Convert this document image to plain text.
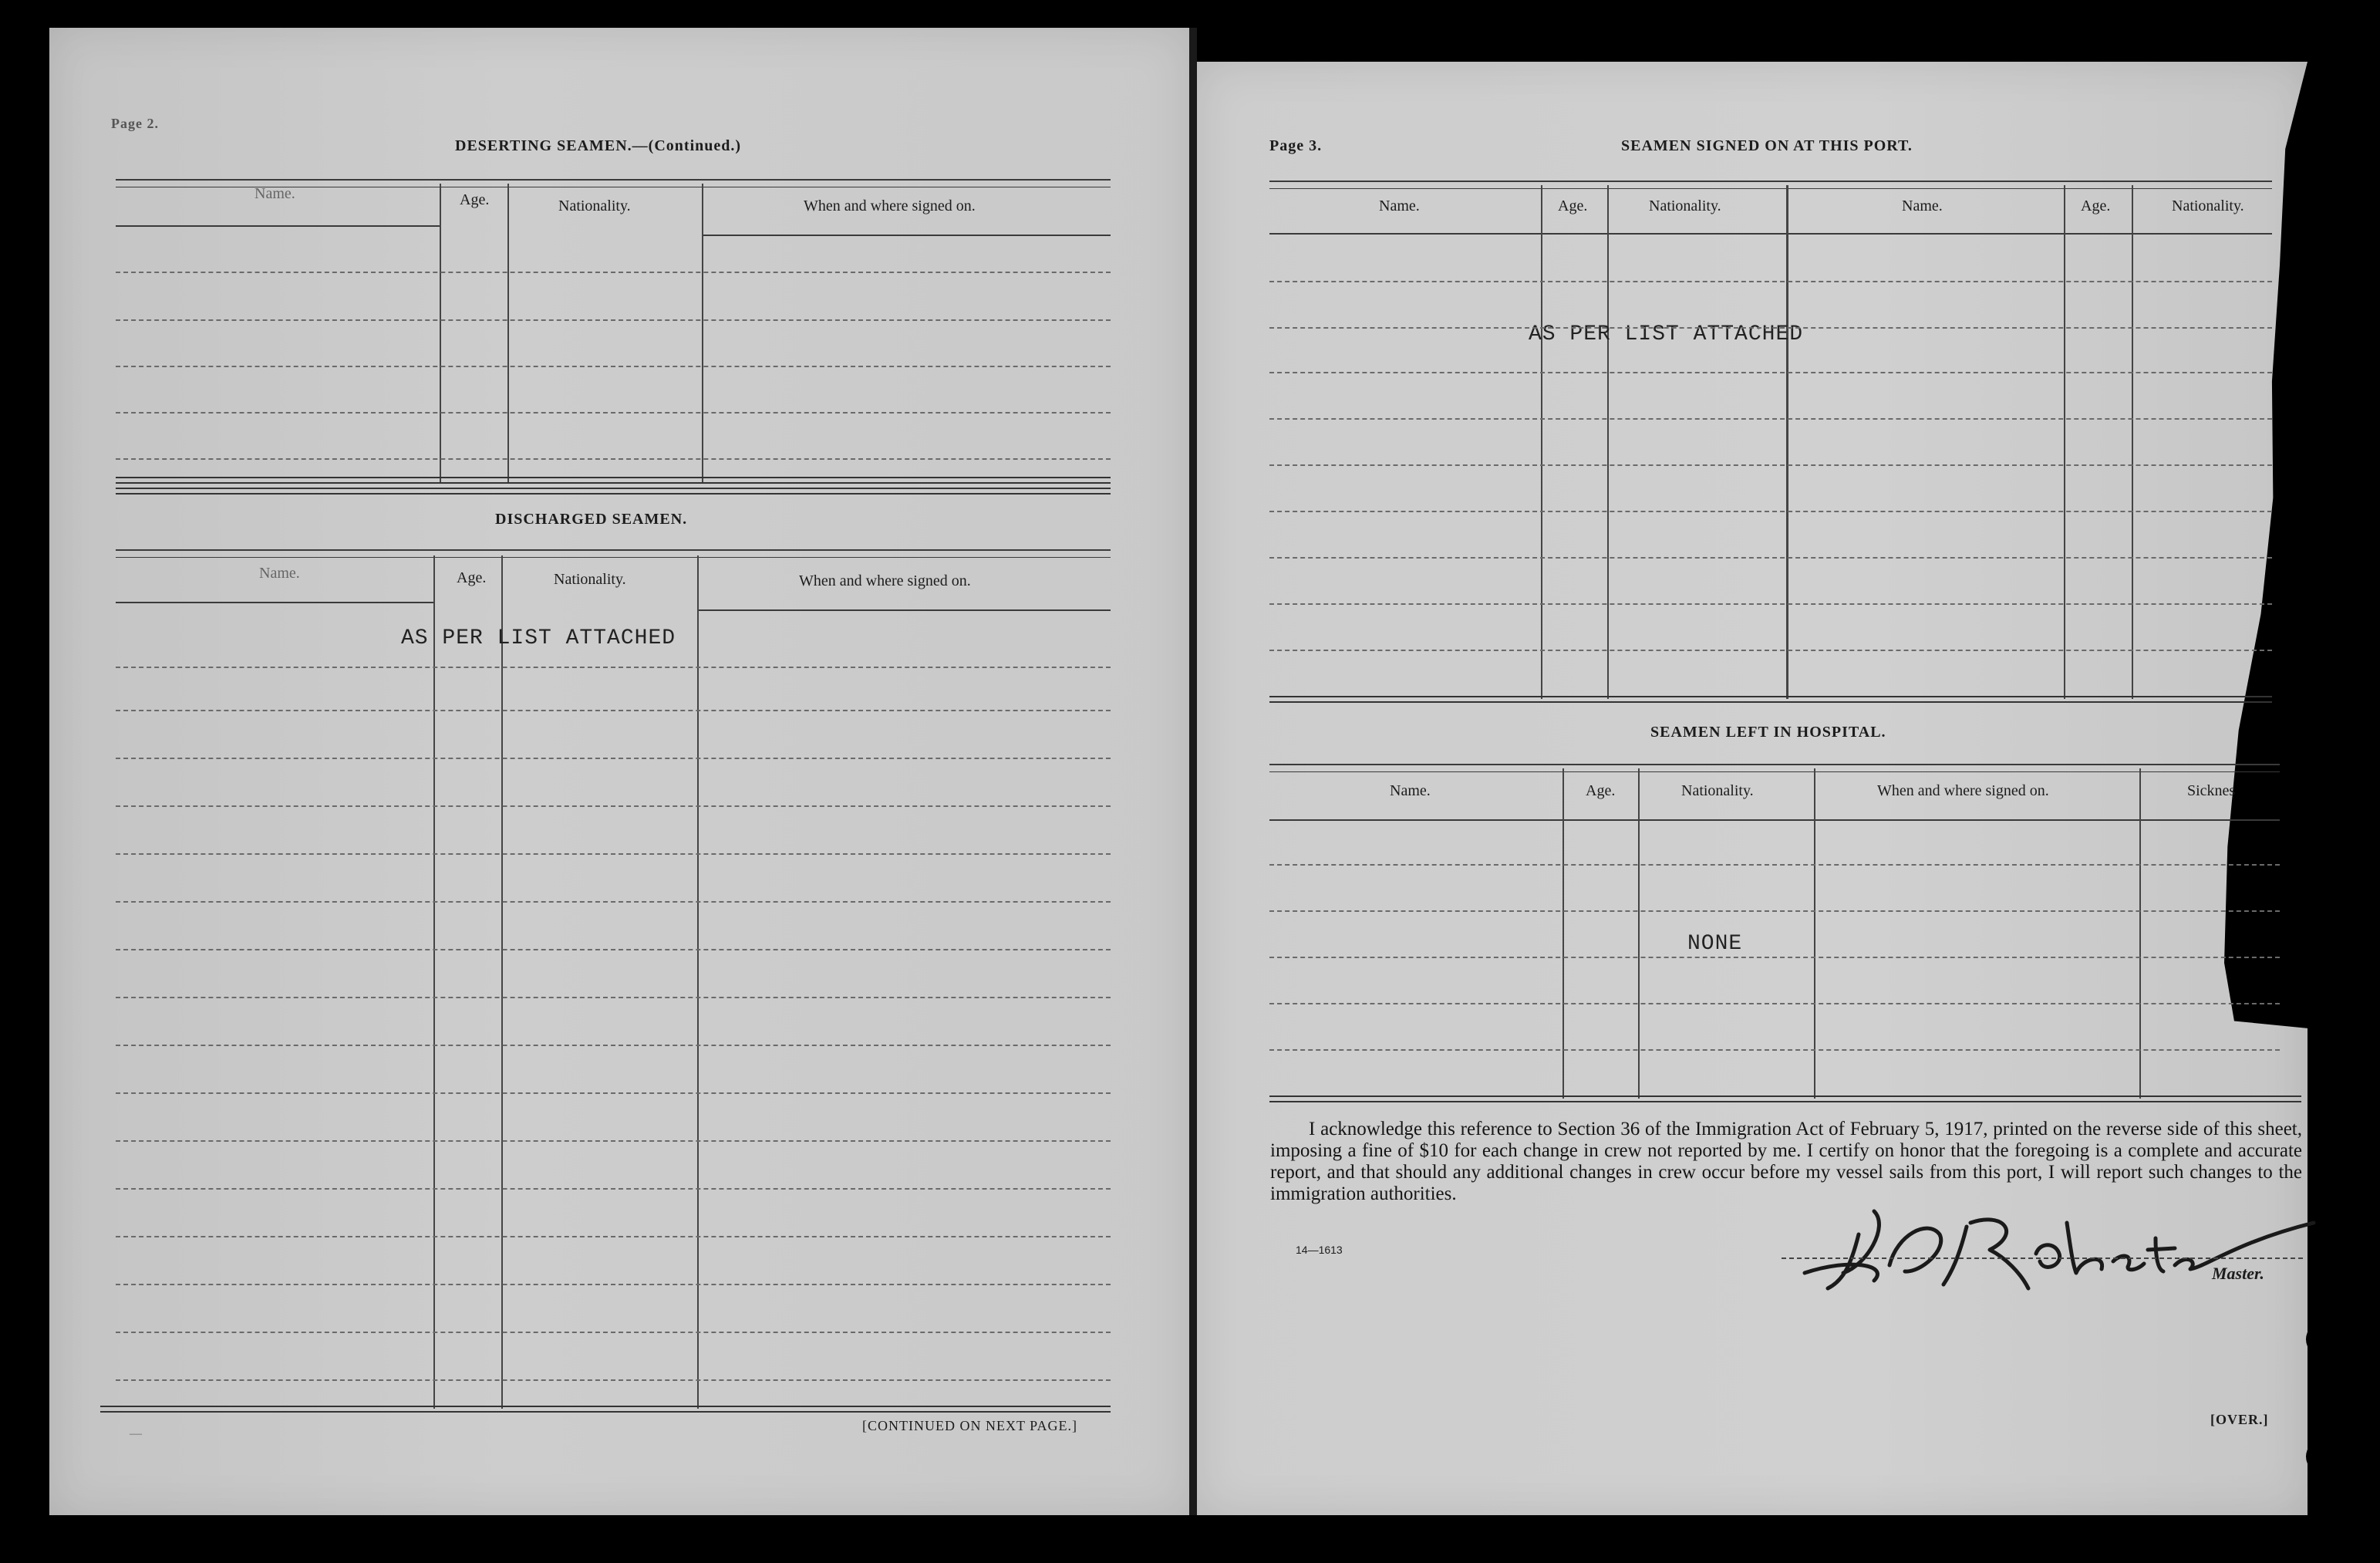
Page 2.
DESERTING SEAMEN.—(Continued.)
Name.	Age.	Nationality.	When and where signed on.
DISCHARGED SEAMEN.
Name.	Age.	Nationality.	When and where signed on.
AS PER LIST ATTACHED
—
[CONTINUED ON NEXT PAGE.]
Page 3.	SEAMEN SIGNED ON AT THIS PORT.
Name.	Age.	Nationality.	Name.	Age.	Nationality.
AS PER LIST ATTACHED
SEAMEN LEFT IN HOSPITAL.
Name.	Age.	Nationality.	When and where signed on.	Sicknes
NONE
I acknowledge this reference to Section 36 of the Immigration Act of February 5, 1917, printed on the reverse side of this sheet, imposing a fine of $10 for each change in crew not reported by me. I certify on honor that the foregoing is a complete and accurate report, and that should any additional changes in crew occur before my vessel sails from this port, I will report such changes to the immigration authorities.
14—1613
Master.
[OVER.]
